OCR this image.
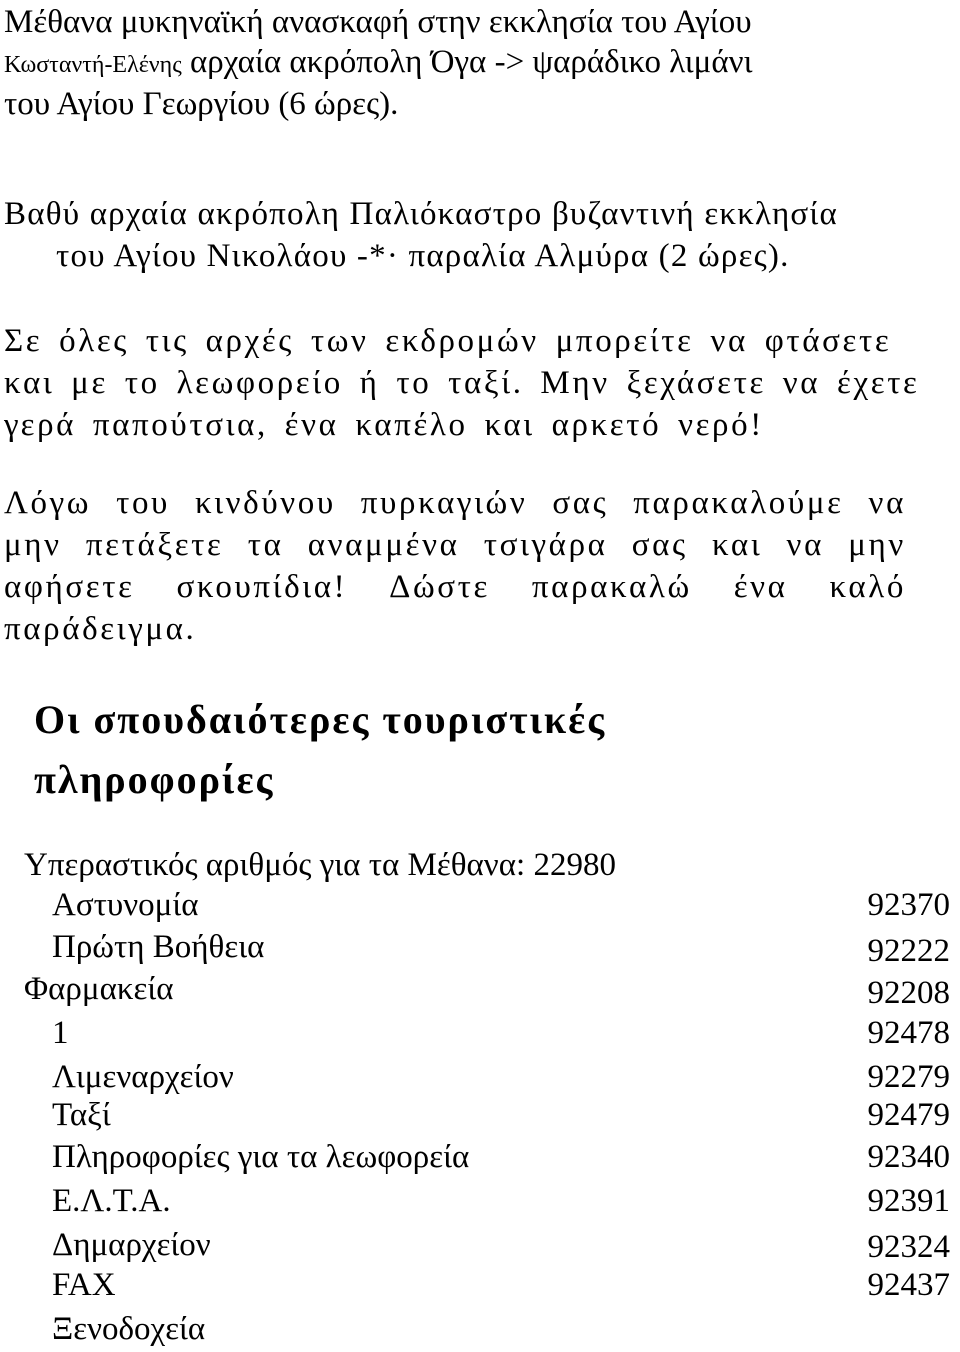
Μέθανα μυκηναϊκή ανασκαφή στην εκκλησία του Αγίου
Κωσταντή-Ελένης αρχαία ακρόπολη Όγα -> ψαράδικο λιμάνι
του Αγίου Γεωργίου (6 ώρες).
Βαθύ αρχαία ακρόπολη Παλιόκαστρο βυζαντινή εκκλησία
του Αγίου Νικολάου -*· παραλία Αλμύρα (2 ώρες).
Σε όλες τις αρχές των εκδρομών μπορείτε να φτάσετε
και με το λεωφορείο ή το ταξί. Μην ξεχάσετε να έχετε
γερά παπούτσια, ένα καπέλο και αρκετό νερό!
Λόγω του κινδύνου πυρκαγιών σας παρακαλούμε να
μην πετάξετε τα αναμμένα τσιγάρα σας και να μην
αφήσετε σκουπίδια! Δώστε παρακαλώ ένα καλό
παράδειγμα.
Οι σπουδαιότερες τουριστικές
πληροφορίες
Υπεραστικός αριθμός για τα Μέθανα: 22980
Αστυνομία	92370
Πρώτη Βοήθεια	92222
Φαρμακεία	92208
1	92478
Λιμεναρχείον	92279
Ταξί	92479
Πληροφορίες για τα λεωφορεία	92340
Ε.Λ.Τ.Α.	92391
Δημαρχείον	92324
FAX	92437
Ξενοδοχεία
